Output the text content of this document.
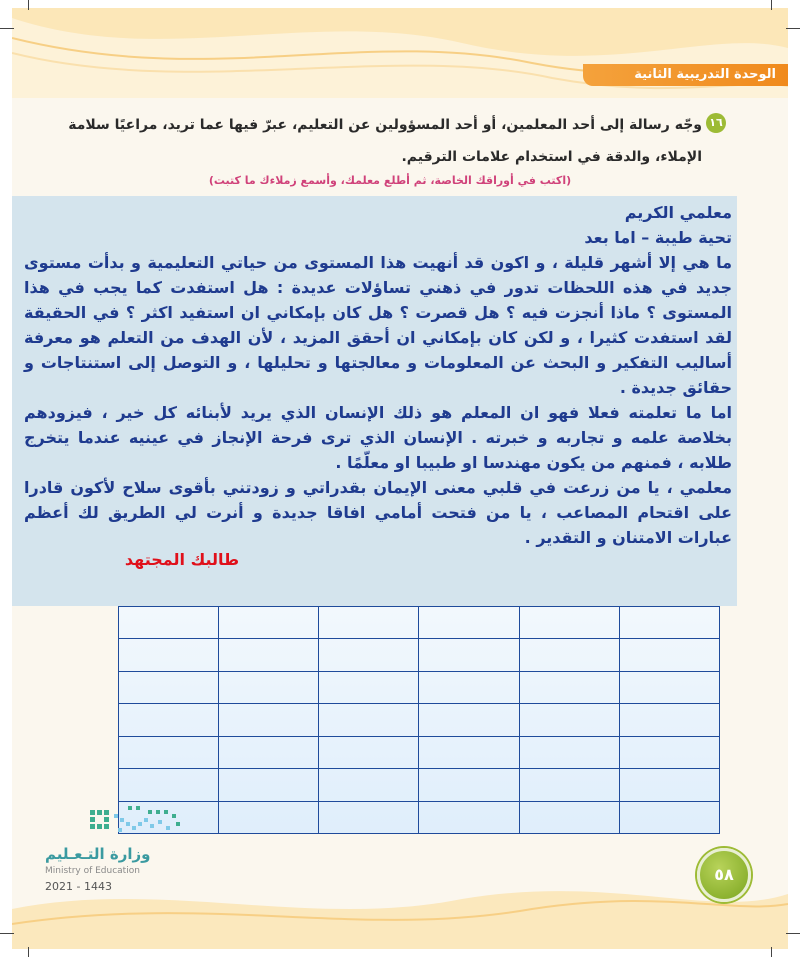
الوحدة التدريبية الثانية
١٦
وجّه رسالة إلى أحد المعلمين، أو أحد المسؤولين عن التعليم، عبرّ فيها عما تريد، مراعيًا سلامة الإملاء، والدقة في استخدام علامات الترقيم.
(اكتب في أوراقك الخاصة، ثم أطلع معلمك، وأسمع زملاءك ما كتبت)

معلمي الكريم

تحية طيبة – اما بعد

ما هي إلا أشهر قليلة ، و اكون قد أنهيت هذا المستوى من حياتي التعليمية و بدأت مستوى جديد في هذه اللحظات تدور في ذهني تساؤلات عديدة : هل استفدت كما يجب في هذا المستوى ؟ ماذا أنجزت فيه ؟ هل قصرت ؟ هل كان بإمكاني ان استفيد اكثر ؟ في الحقيقة لقد استفدت كثيرا ، و لكن كان بإمكاني ان أحقق المزيد ، لأن الهدف من التعلم هو معرفة أساليب التفكير و البحث عن المعلومات و معالجتها و تحليلها ، و التوصل إلى استنتاجات و حقائق جديدة .

اما ما تعلمته فعلا فهو ان المعلم هو ذلك الإنسان الذي يريد لأبنائه كل خير ، فيزودهم بخلاصة علمه و تجاربه و خبرته . الإنسان الذي ترى فرحة الإنجاز في عينيه عندما يتخرج طلابه ، فمنهم من يكون مهندسا او طبيبا او معلّمًا .

معلمي ، يا من زرعت في قلبي معنى الإيمان بقدراتي و زودتني بأقوى سلاح لأكون قادرا على اقتحام المصاعب ، يا من فتحت أمامي افاقا جديدة و أنرت لي الطريق لك أعظم عبارات الامتنان و التقدير .

طالبك المجتهد

وزارة التـعـليم
Ministry of Education
2021 - 1443
٥٨
